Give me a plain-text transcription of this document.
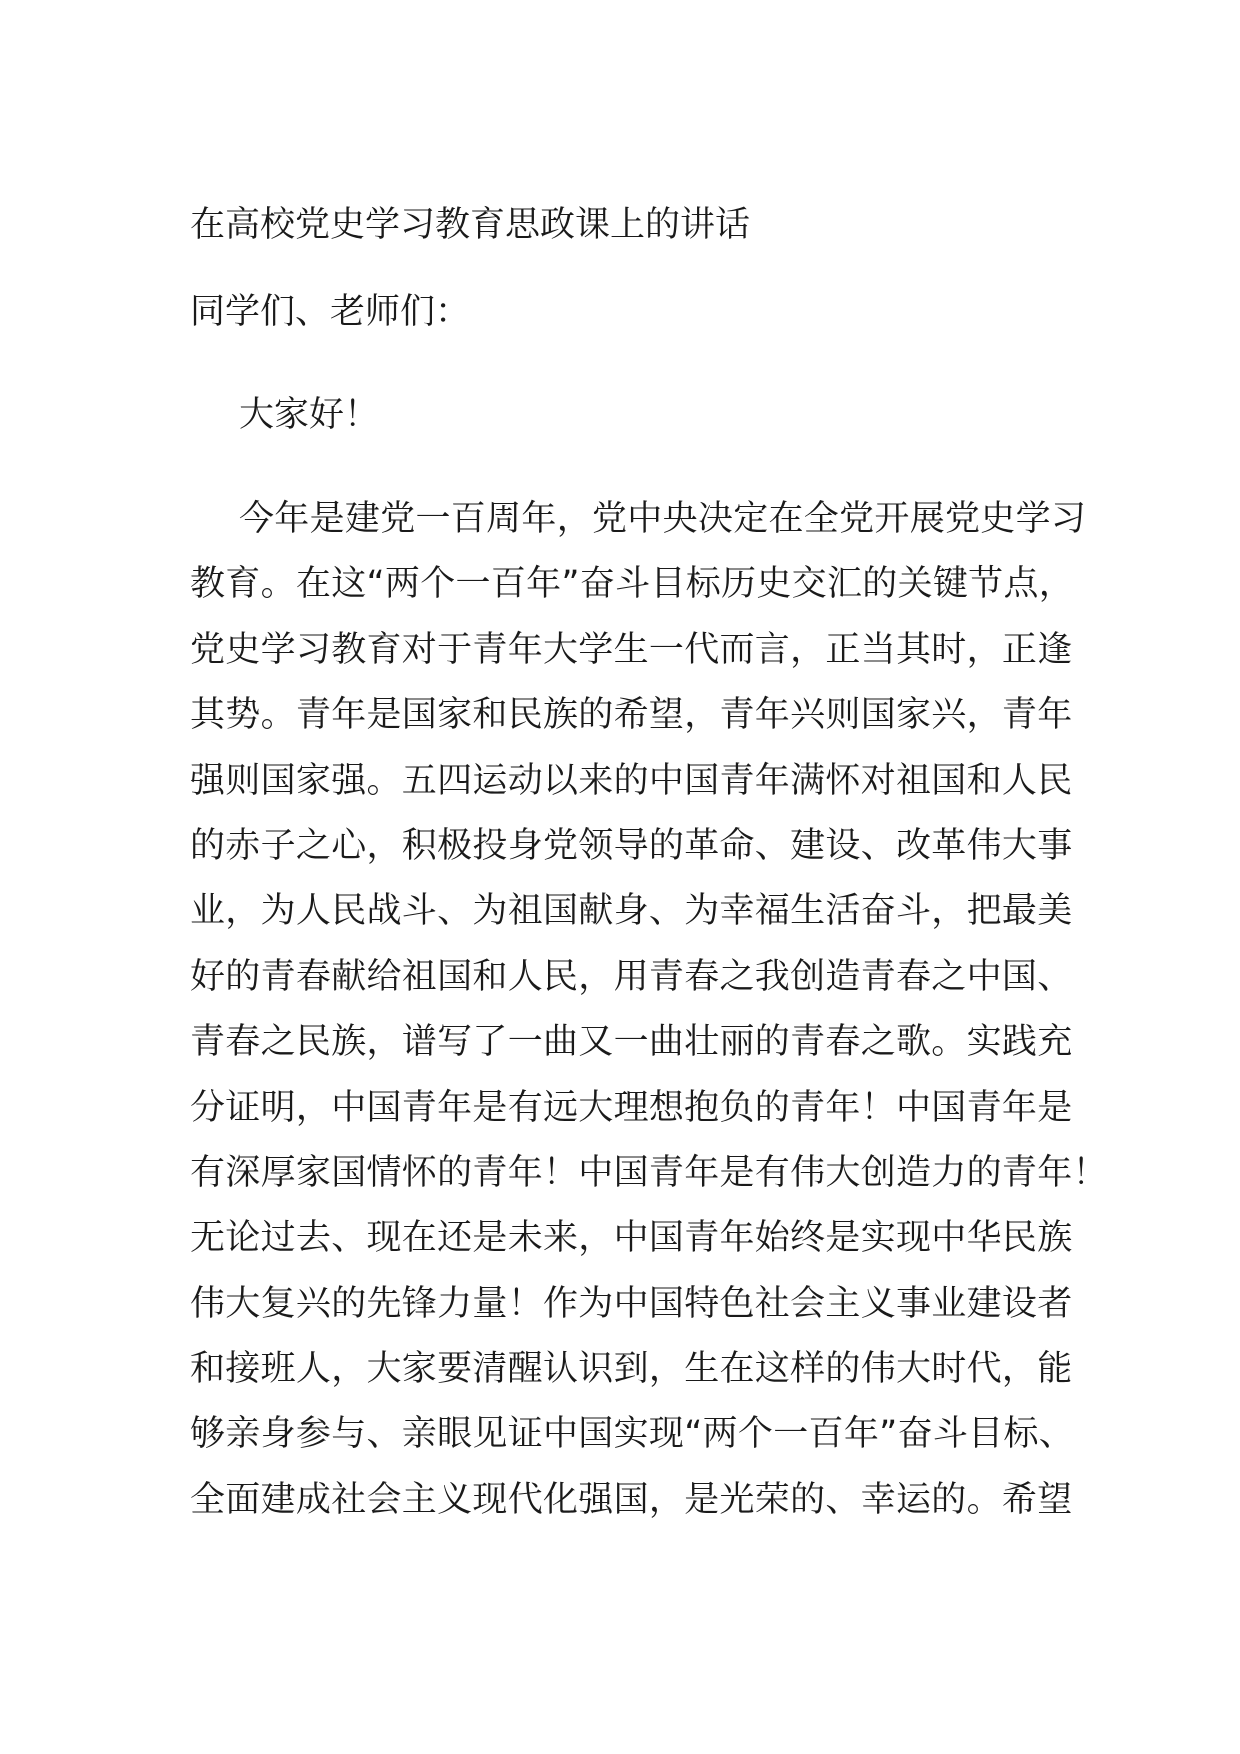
在高校党史学习教育思政课上的讲话
同学们、老师们：
大家好！
今年是建党一百周年，党中央决定在全党开展党史学习
教育。在这“两个一百年”奋斗目标历史交汇的关键节点，
党史学习教育对于青年大学生一代而言，正当其时，正逢
其势。青年是国家和民族的希望，青年兴则国家兴，青年
强则国家强。五四运动以来的中国青年满怀对祖国和人民
的赤子之心，积极投身党领导的革命、建设、改革伟大事
业，为人民战斗、为祖国献身、为幸福生活奋斗，把最美
好的青春献给祖国和人民，用青春之我创造青春之中国、
青春之民族，谱写了一曲又一曲壮丽的青春之歌。实践充
分证明，中国青年是有远大理想抱负的青年！中国青年是
有深厚家国情怀的青年！中国青年是有伟大创造力的青年！
无论过去、现在还是未来，中国青年始终是实现中华民族
伟大复兴的先锋力量！作为中国特色社会主义事业建设者
和接班人，大家要清醒认识到，生在这样的伟大时代，能
够亲身参与、亲眼见证中国实现“两个一百年”奋斗目标、
全面建成社会主义现代化强国，是光荣的、幸运的。希望
